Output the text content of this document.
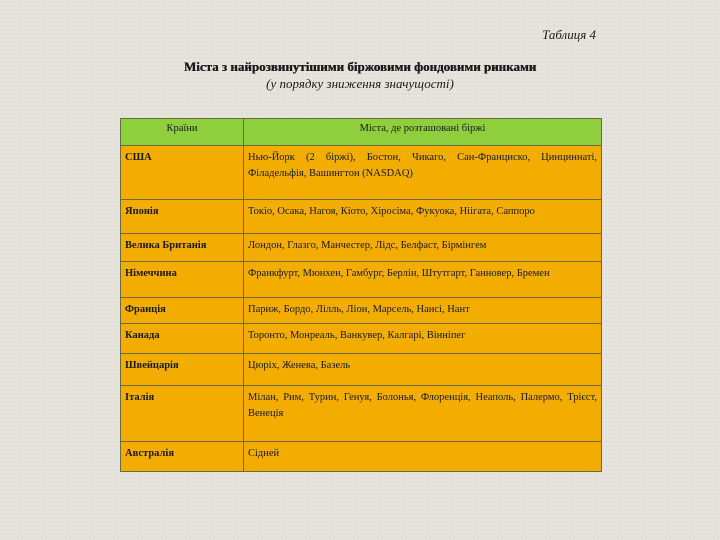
Таблиця 4
Міста з найрозвинутішими біржовими фондовими ринками
(у порядку зниження значущості)
Країни	Міста, де розташовані біржі
США	Нью-Йорк (2 біржі), Бостон, Чикаго, Сан-Франциско, Цинциннаті, Філадельфія, Вашингтон (NASDAQ)
Японія	Токіо, Осака, Нагоя, Кіото, Хіросіма, Фукуока, Ніігата, Саппоро
Велика Британія	Лондон, Глазго, Манчестер, Лідс, Белфаст, Бірмінгем
Німеччина	Франкфурт, Мюнхен, Гамбург, Берлін, Штутгарт, Ганновер, Бремен
Франція	Париж, Бордо, Лілль, Ліон, Марсель, Нансі, Нант
Канада	Торонто, Монреаль, Ванкувер, Калгарі, Вінніпег
Швейцарія	Цюріх, Женева, Базель
Італія	Мілан, Рим, Турин, Генуя, Болонья, Флоренція, Неаполь, Палермо, Трієст, Венеція
Австралія	Сідней
